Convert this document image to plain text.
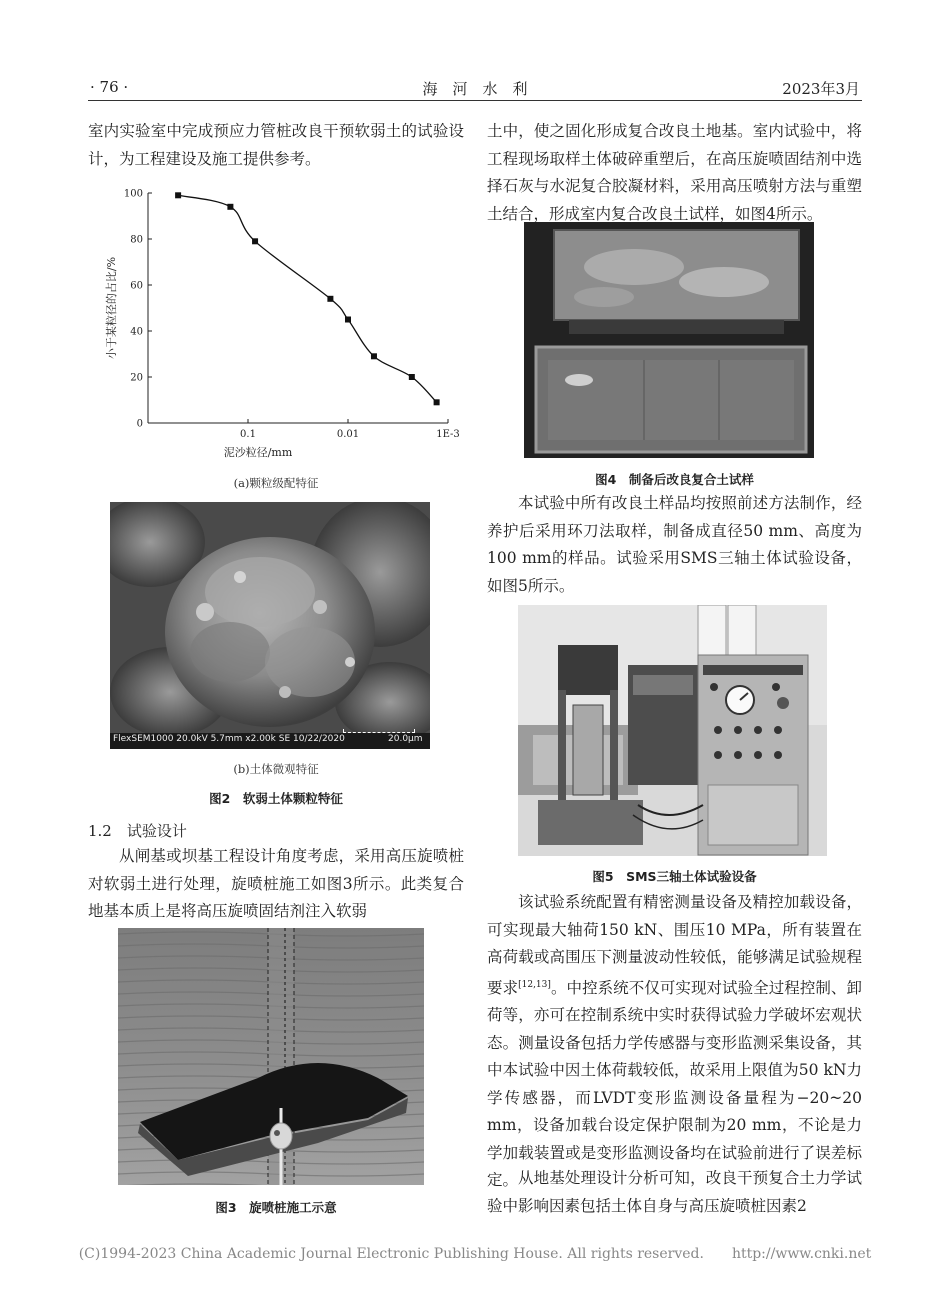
· 76 ·	海　河　水　利	2023年3月

室内实验室中完成预应力管桩改良干预软弱土的试验设计，为工程建设及施工提供参考。

0
20
40
60
80
100
0.1	0.01	1E-3
泥沙粒径/mm
小于某粒径的占比/%
(a)颗粒级配特征
FlexSEM1000 20.0kV 5.7mm x2.00k SE 10/22/2020	20.0μm
(b)土体微观特征
图2　软弱土体颗粒特征
1.2　试验设计

从闸基或坝基工程设计角度考虑，采用高压旋喷桩对软弱土进行处理，旋喷桩施工如图3所示。此类复合地基本质上是将高压旋喷固结剂注入软弱

图3　旋喷桩施工示意

土中，使之固化形成复合改良土地基。室内试验中，将工程现场取样土体破碎重塑后，在高压旋喷固结剂中选择石灰与水泥复合胶凝材料，采用高压喷射方法与重塑土结合，形成室内复合改良土试样，如图4所示。

图4　制备后改良复合土试样

本试验中所有改良土样品均按照前述方法制作，经养护后采用环刀法取样，制备成直径50 mm、高度为100 mm的样品。试验采用SMS三轴土体试验设备，如图5所示。

图5　SMS三轴土体试验设备

该试验系统配置有精密测量设备及精控加载设备，可实现最大轴荷150 kN、围压10 MPa，所有装置在高荷载或高围压下测量波动性较低，能够满足试验规程要求[12,13]。中控系统不仅可实现对试验全过程控制、卸荷等，亦可在控制系统中实时获得试验力学破坏宏观状态。测量设备包括力学传感器与变形监测采集设备，其中本试验中因土体荷载较低，故采用上限值为50 kN力学传感器，而LVDT变形监测设备量程为−20~20 mm，设备加载台设定保护限制为20 mm，不论是力学加载装置或是变形监测设备均在试验前进行了误差标定。 从地基处理设计分析可知，改良干预复合土力学试验中影响因素包括土体自身与高压旋喷桩因素2

(C)1994-2023 China Academic Journal Electronic Publishing House. All rights reserved.　　http://www.cnki.net
